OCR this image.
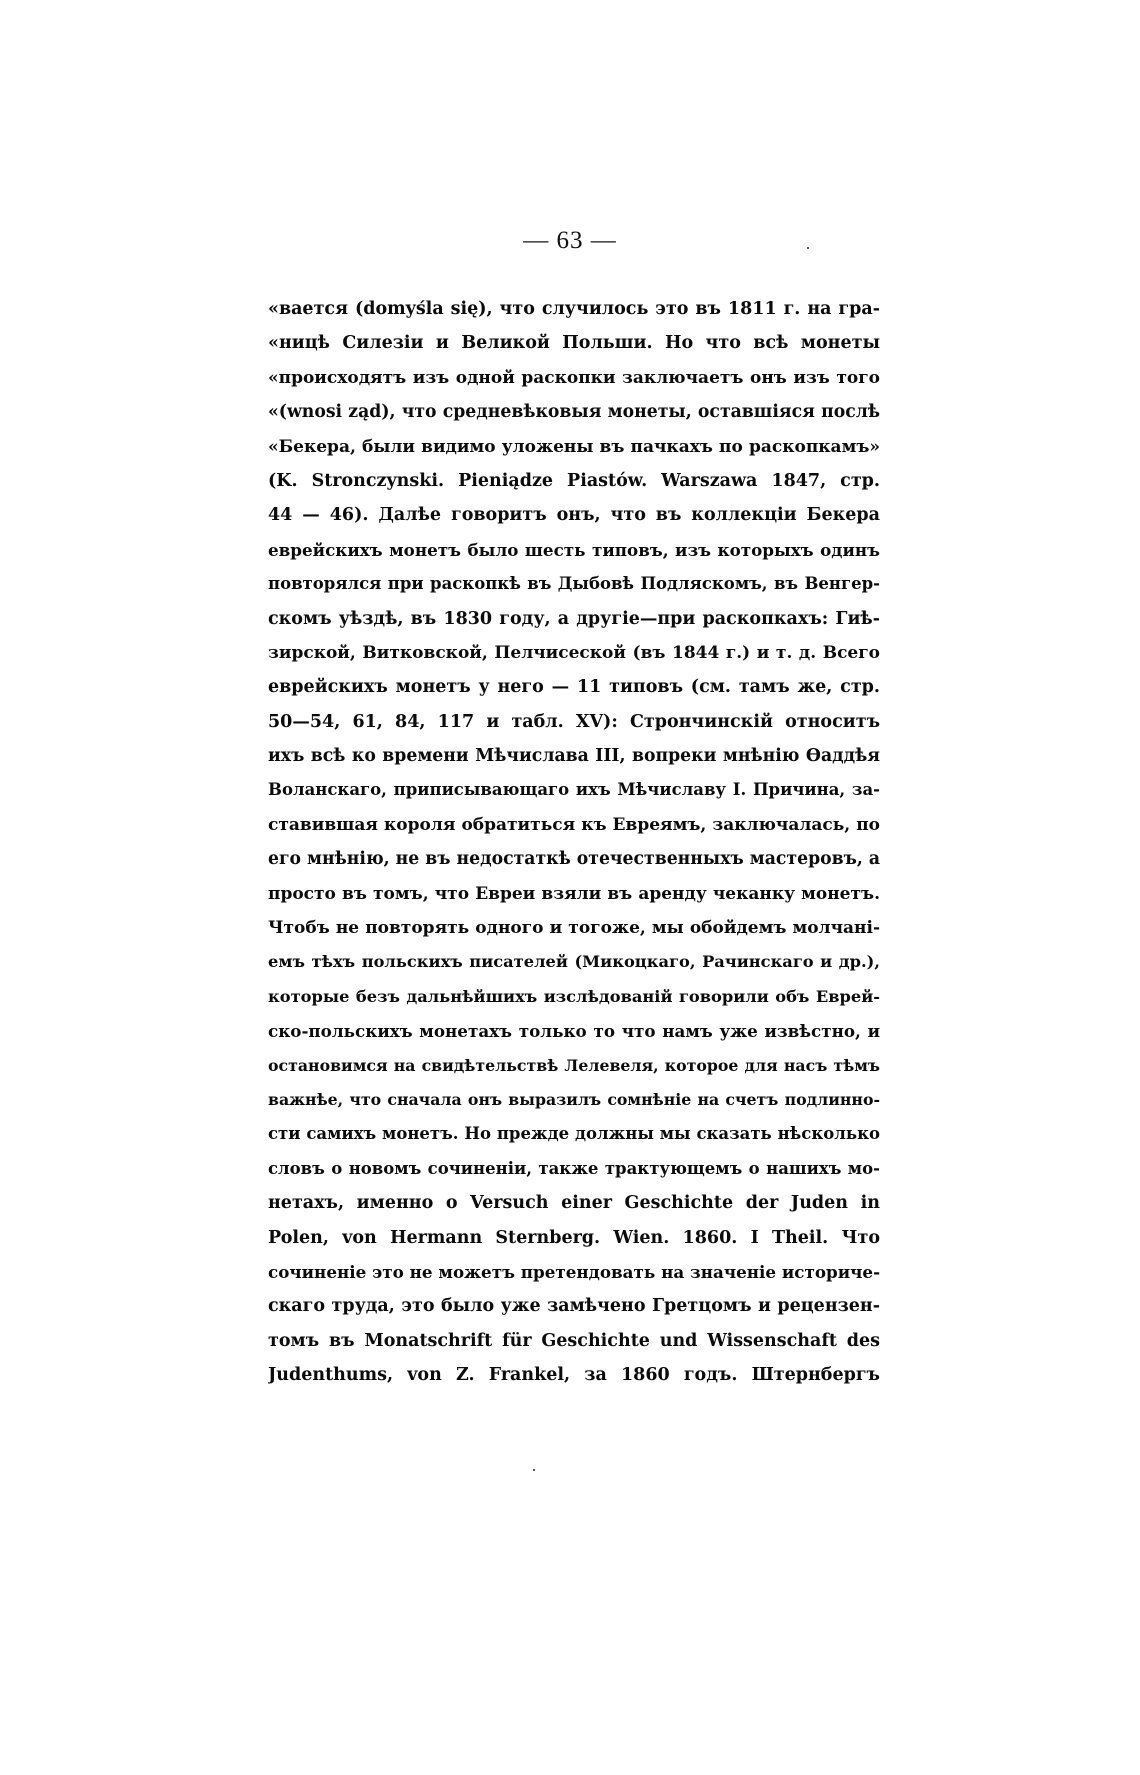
— 63 —
«вается (domyśla się), что случилось это въ 1811 г. на гра-
«ницѣ Силезіи и Великой Польши. Но что всѣ монеты
«происходятъ изъ одной раскопки заключаетъ онъ изъ того
«(wnosi ząd), что средневѣковыя монеты, оставшіяся послѣ
«Бекера, были видимо уложены въ пачкахъ по раскопкамъ»
(K. Stronczynski. Pieniądze Piastów. Warszawa 1847, стр.
44 — 46). Далѣе говоритъ онъ, что въ коллекціи Бекера
еврейскихъ монетъ было шесть типовъ, изъ которыхъ одинъ
повторялся при раскопкѣ въ Дыбовѣ Подляскомъ, въ Венгер-
скомъ уѣздѣ, въ 1830 году, а другіе—при раскопкахъ: Гиѣ-
зирской, Витковской, Пелчисеской (въ 1844 г.) и т. д. Всего
еврейскихъ монетъ у него — 11 типовъ (см. тамъ же, стр.
50—54, 61, 84, 117 и табл. XV): Стрончинскій относитъ
ихъ всѣ ко времени Мѣчислава III, вопреки мнѣнію Ѳаддѣя
Воланскаго, приписывающаго ихъ Мѣчиславу I. Причина, за-
ставившая короля обратиться къ Евреямъ, заключалась, по
его мнѣнію, не въ недостаткѣ отечественныхъ мастеровъ, а
просто въ томъ, что Евреи взяли въ аренду чеканку монетъ.
Чтобъ не повторять одного и тогоже, мы обойдемъ молчані-
емъ тѣхъ польскихъ писателей (Микоцкаго, Рачинскаго и др.),
которые безъ дальнѣйшихъ изслѣдованій говорили объ Еврей-
ско-польскихъ монетахъ только то что намъ уже извѣстно, и
остановимся на свидѣтельствѣ Лелевеля, которое для насъ тѣмъ
важнѣе, что сначала онъ выразилъ сомнѣніе на счетъ подлинно-
сти самихъ монетъ. Но прежде должны мы сказать нѣсколько
словъ о новомъ сочиненіи, также трактующемъ о нашихъ мо-
нетахъ, именно о Versuch einer Geschichte der Juden in
Polen, von Hermann Sternberg. Wien. 1860. I Theil. Что
сочиненіе это не можетъ претендовать на значеніе историче-
скаго труда, это было уже замѣчено Гретцомъ и рецензен-
томъ въ Monatschrift für Geschichte und Wissenschaft des
Judenthums, von Z. Frankel, за 1860 годъ. Штернбергъ
